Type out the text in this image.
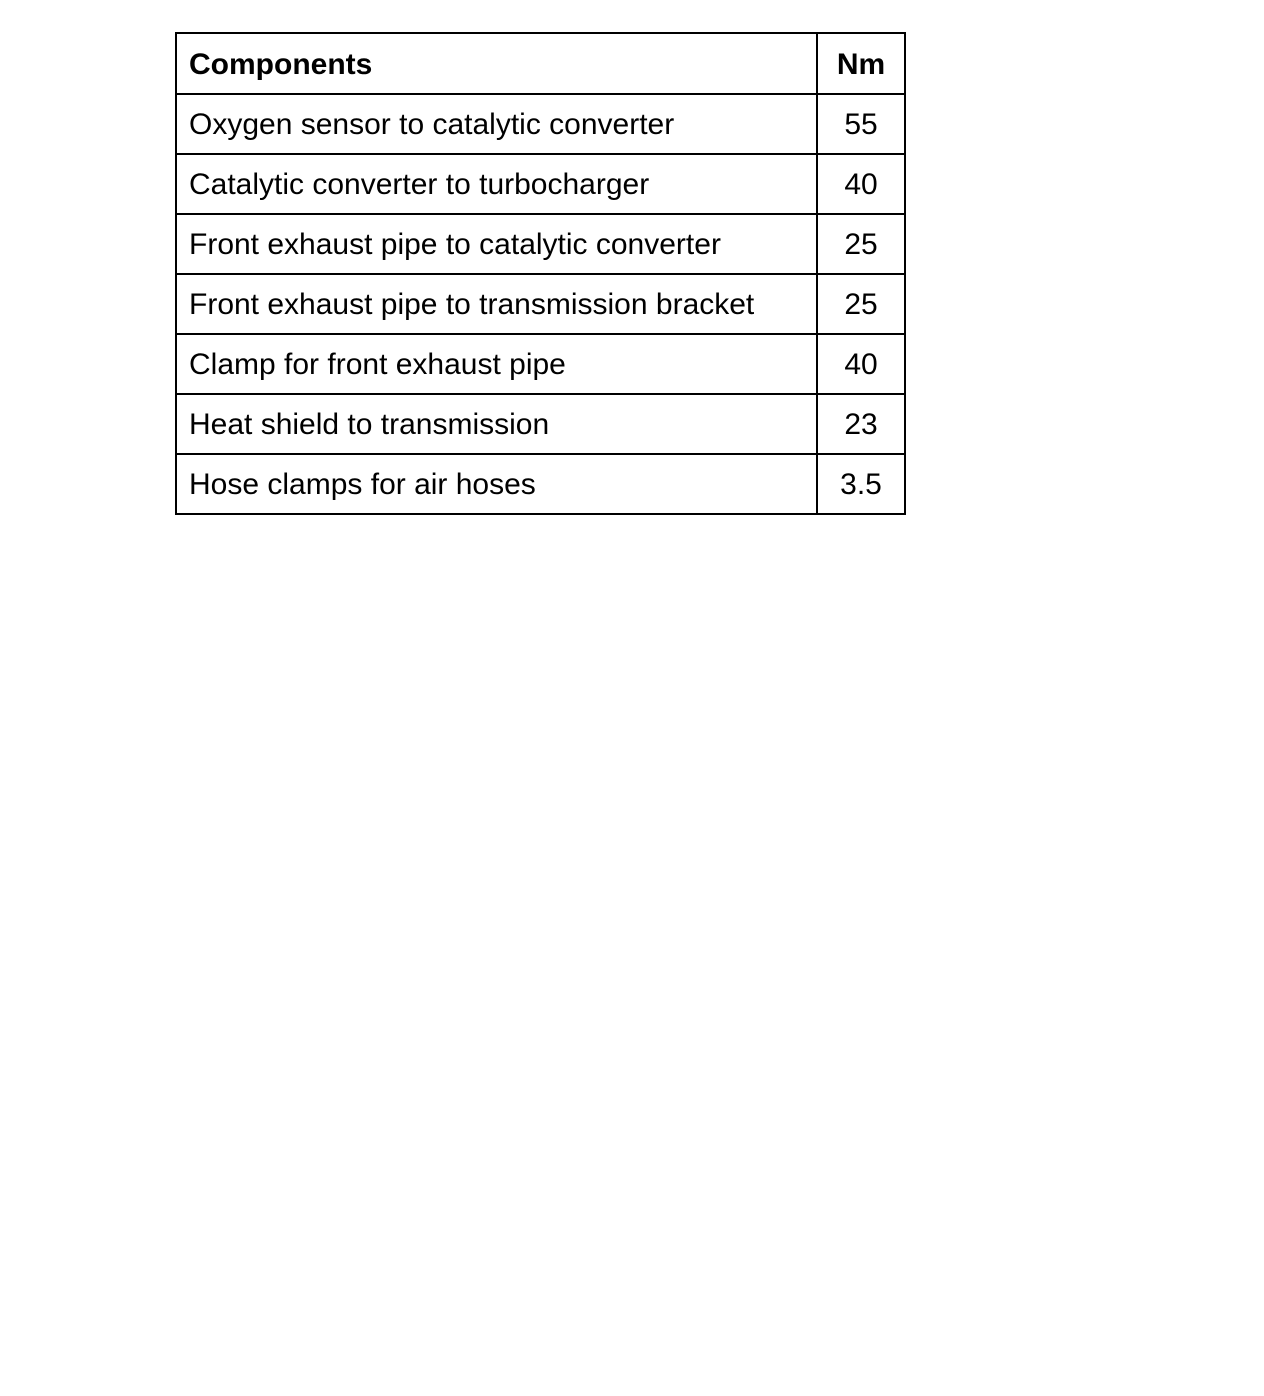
Components	Nm
Oxygen sensor to catalytic converter	55
Catalytic converter to turbocharger	40
Front exhaust pipe to catalytic converter	25
Front exhaust pipe to transmission bracket	25
Clamp for front exhaust pipe	40
Heat shield to transmission	23
Hose clamps for air hoses	3.5
